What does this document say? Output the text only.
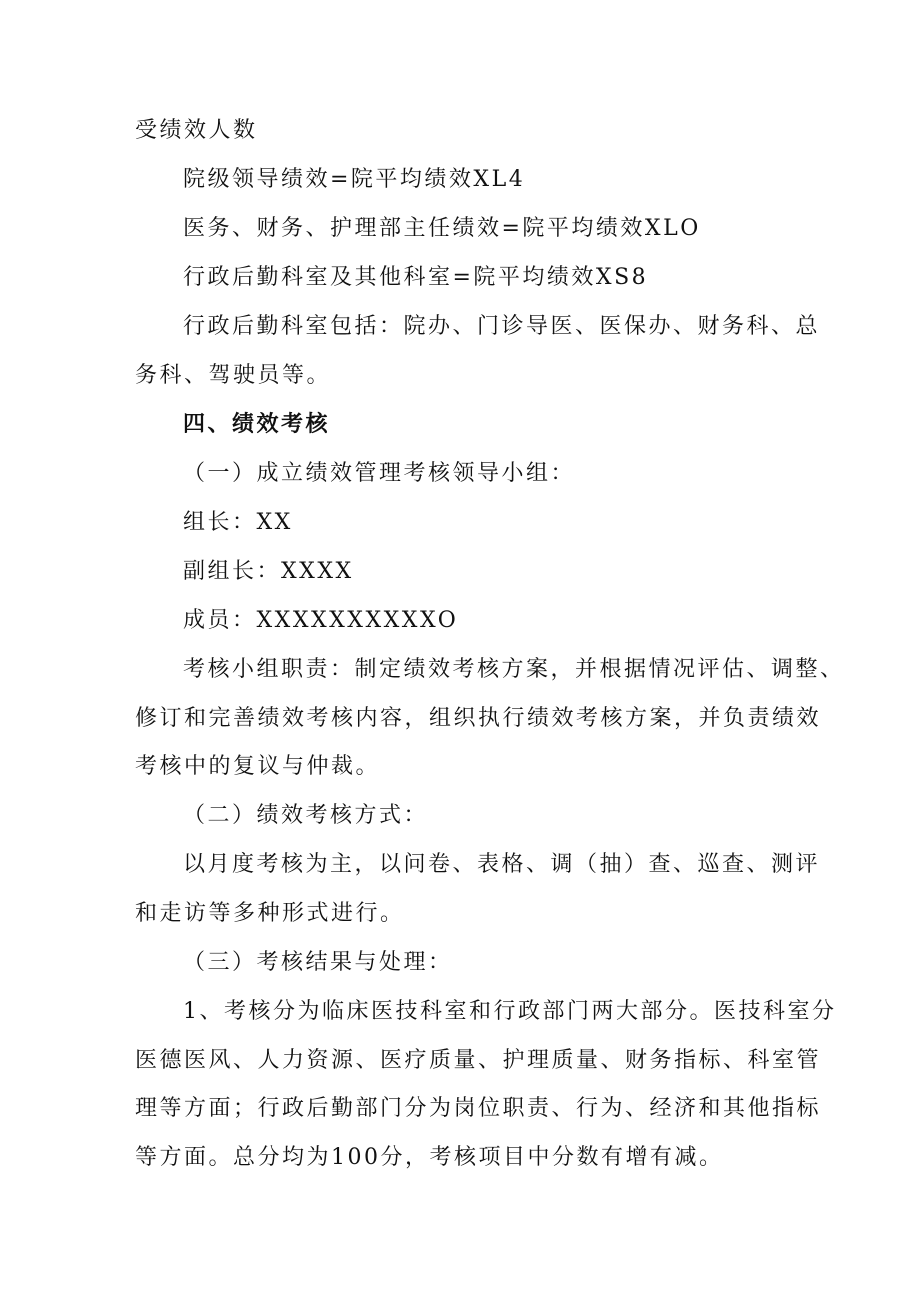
受绩效人数
院级领导绩效=院平均绩效XL4
医务、财务、护理部主任绩效=院平均绩效XLO
行政后勤科室及其他科室=院平均绩效XS8
行政后勤科室包括：院办、门诊导医、医保办、财务科、总
务科、驾驶员等。
四、绩效考核
（一）成立绩效管理考核领导小组：
组长：XX
副组长：XXXX
成员：XXXXXXXXXXO
考核小组职责：制定绩效考核方案，并根据情况评估、调整、
修订和完善绩效考核内容，组织执行绩效考核方案，并负责绩效
考核中的复议与仲裁。
（二）绩效考核方式：
以月度考核为主，以问卷、表格、调（抽）查、巡查、测评
和走访等多种形式进行。
（三）考核结果与处理：
1、考核分为临床医技科室和行政部门两大部分。医技科室分
医德医风、人力资源、医疗质量、护理质量、财务指标、科室管
理等方面；行政后勤部门分为岗位职责、行为、经济和其他指标
等方面。总分均为100分，考核项目中分数有增有减。
